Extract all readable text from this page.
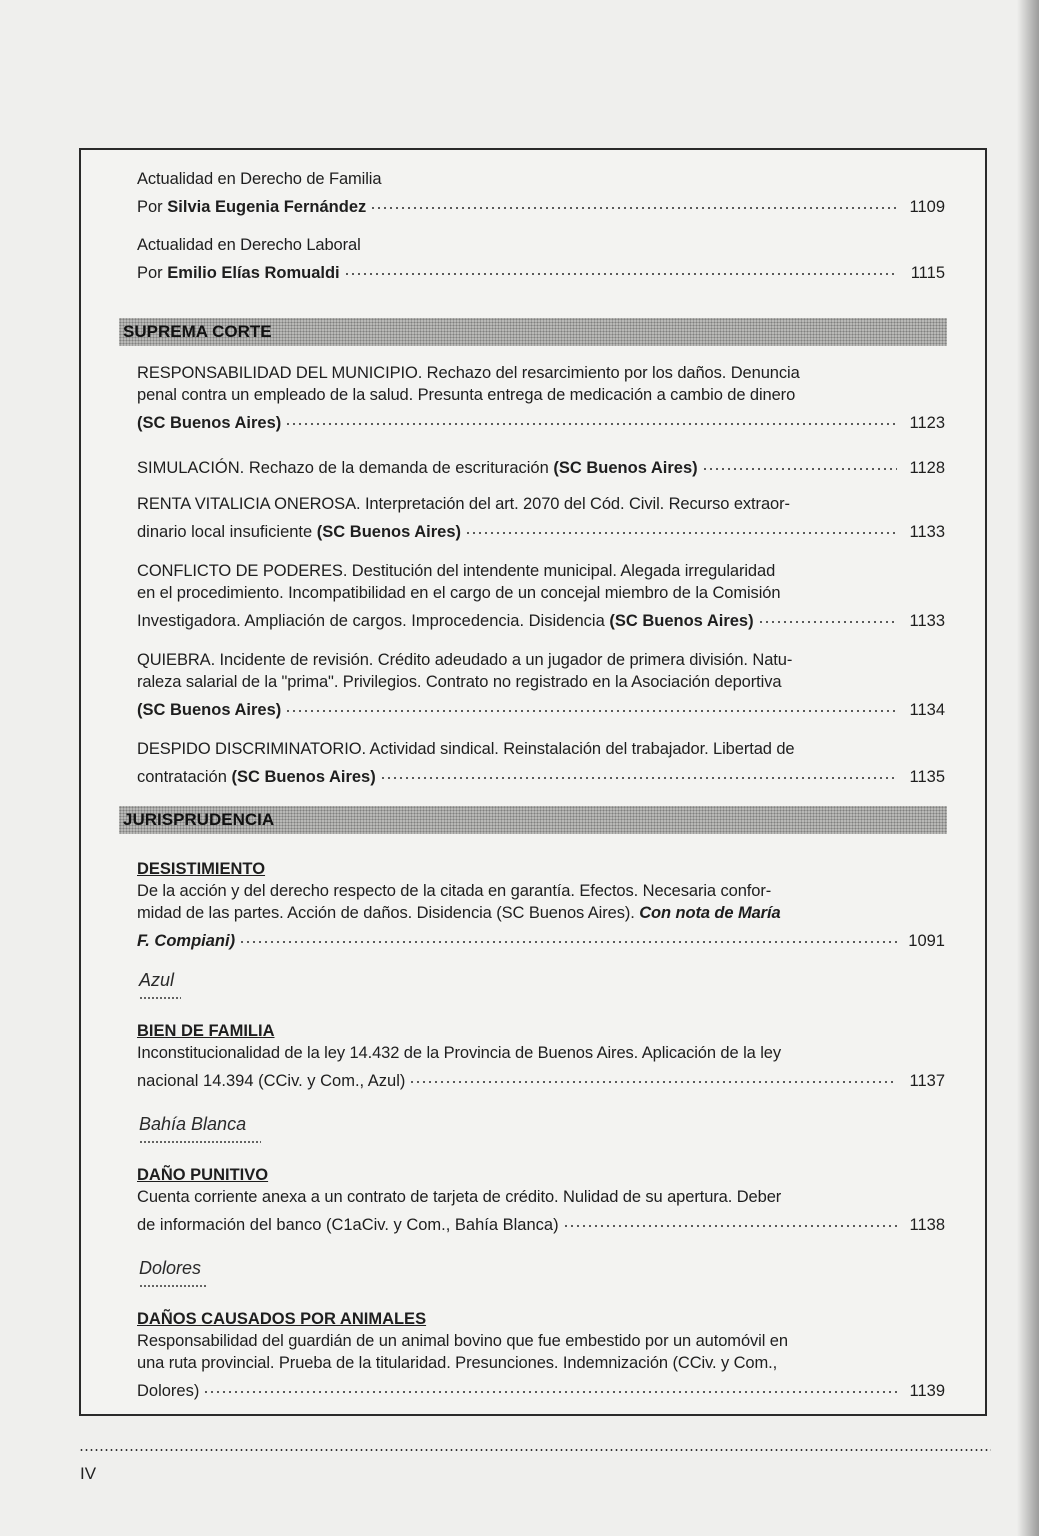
Actualidad en Derecho de Familia
Por Silvia Eugenia Fernández	1109
Actualidad en Derecho Laboral
Por Emilio Elías Romualdi	1115
SUPREMA CORTE
RESPONSABILIDAD DEL MUNICIPIO. Rechazo del resarcimiento por los daños. Denuncia
penal contra un empleado de la salud. Presunta entrega de medicación a cambio de dinero
(SC Buenos Aires)	1123
SIMULACIÓN. Rechazo de la demanda de escrituración (SC Buenos Aires)	1128
RENTA VITALICIA ONEROSA. Interpretación del art. 2070 del Cód. Civil. Recurso extraor-
dinario local insuficiente (SC Buenos Aires)	1133
CONFLICTO DE PODERES. Destitución del intendente municipal. Alegada irregularidad
en el procedimiento. Incompatibilidad en el cargo de un concejal miembro de la Comisión
Investigadora. Ampliación de cargos. Improcedencia. Disidencia (SC Buenos Aires)	1133
QUIEBRA. Incidente de revisión. Crédito adeudado a un jugador de primera división. Natu-
raleza salarial de la "prima". Privilegios. Contrato no registrado en la Asociación deportiva
(SC Buenos Aires)	1134
DESPIDO DISCRIMINATORIO. Actividad sindical. Reinstalación del trabajador. Libertad de
contratación (SC Buenos Aires)	1135
JURISPRUDENCIA
DESISTIMIENTO
De la acción y del derecho respecto de la citada en garantía. Efectos. Necesaria confor-
midad de las partes. Acción de daños. Disidencia (SC Buenos Aires). Con nota de María
F. Compiani)	1091
Azul
BIEN DE FAMILIA
Inconstitucionalidad de la ley 14.432 de la Provincia de Buenos Aires. Aplicación de la ley
nacional 14.394 (CCiv. y Com., Azul)	1137
Bahía Blanca
DAÑO PUNITIVO
Cuenta corriente anexa a un contrato de tarjeta de crédito. Nulidad de su apertura. Deber
de información del banco (C1aCiv. y Com., Bahía Blanca)	1138
Dolores
DAÑOS CAUSADOS POR ANIMALES
Responsabilidad del guardián de un animal bovino que fue embestido por un automóvil en
una ruta provincial. Prueba de la titularidad. Presunciones. Indemnización (CCiv. y Com.,
Dolores)	1139
IV
